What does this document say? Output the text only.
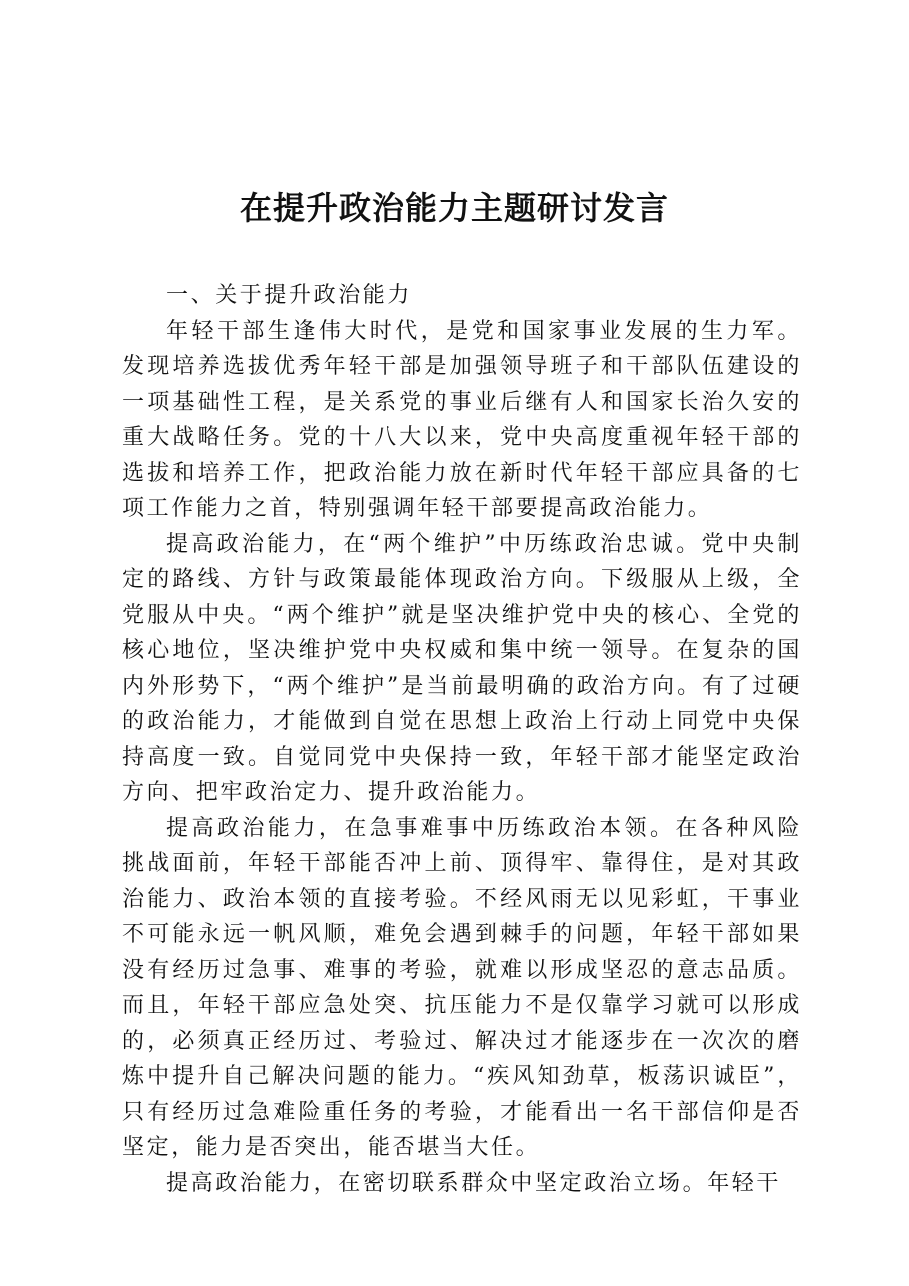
在提升政治能力主题研讨发言

一、关于提升政治能力

年轻干部生逢伟大时代，是党和国家事业发展的生力军。发现培养选拔优秀年轻干部是加强领导班子和干部队伍建设的一项基础性工程，是关系党的事业后继有人和国家长治久安的重大战略任务。党的十八大以来，党中央高度重视年轻干部的选拔和培养工作，把政治能力放在新时代年轻干部应具备的七项工作能力之首，特别强调年轻干部要提高政治能力。

提高政治能力，在“两个维护”中历练政治忠诚。党中央制定的路线、方针与政策最能体现政治方向。下级服从上级，全党服从中央。“两个维护”就是坚决维护党中央的核心、全党的核心地位，坚决维护党中央权威和集中统一领导。在复杂的国内外形势下，“两个维护”是当前最明确的政治方向。有了过硬的政治能力，才能做到自觉在思想上政治上行动上同党中央保持高度一致。自觉同党中央保持一致，年轻干部才能坚定政治方向、把牢政治定力、提升政治能力。

提高政治能力，在急事难事中历练政治本领。在各种风险挑战面前，年轻干部能否冲上前、顶得牢、靠得住，是对其政治能力、政治本领的直接考验。不经风雨无以见彩虹，干事业不可能永远一帆风顺，难免会遇到棘手的问题，年轻干部如果没有经历过急事、难事的考验，就难以形成坚忍的意志品质。而且，年轻干部应急处突、抗压能力不是仅靠学习就可以形成的，必须真正经历过、考验过、解决过才能逐步在一次次的磨炼中提升自己解决问题的能力。“疾风知劲草，板荡识诚臣”，只有经历过急难险重任务的考验，才能看出一名干部信仰是否坚定，能力是否突出，能否堪当大任。

提高政治能力，在密切联系群众中坚定政治立场。年轻干
